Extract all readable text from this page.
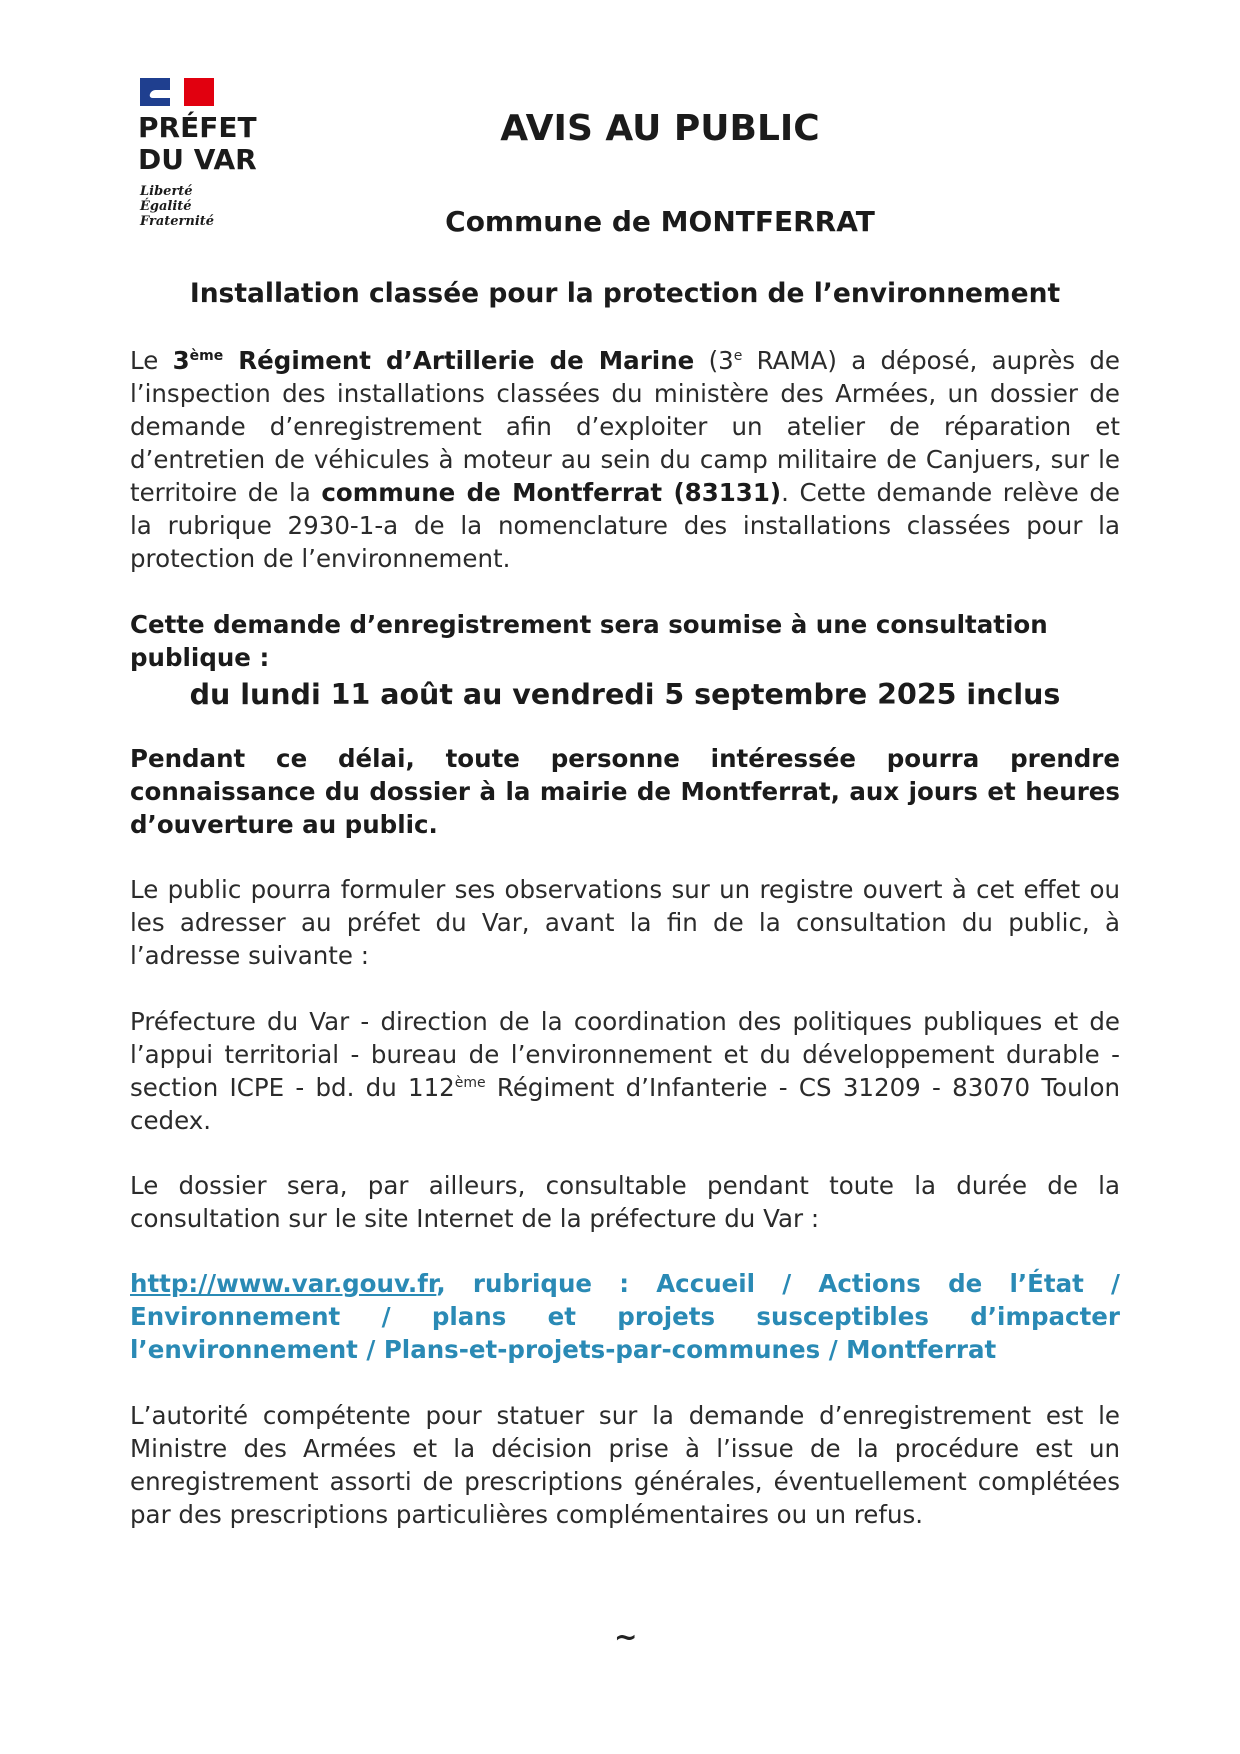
PRÉFET
DU VAR
Liberté
Égalité
Fraternité
AVIS AU PUBLIC
Commune de MONTFERRAT
Installation classée pour la protection de l’environnement

Le 3ème Régiment d’Artillerie de Marine (3e RAMA) a déposé, auprès de l’inspection des installations classées du ministère des Armées, un dossier de demande d’enregistrement afin d’exploiter un atelier de réparation et d’entretien de véhicules à moteur au sein du camp militaire de Canjuers, sur le territoire de la commune de Montferrat (83131). Cette demande relève de la rubrique 2930-1-a de la nomenclature des installations classées pour la protection de l’environnement.

Cette demande d’enregistrement sera soumise à une consultation publique :

du lundi 11 août au vendredi 5 septembre 2025 inclus

Pendant ce délai, toute personne intéressée pourra prendre connaissance du dossier à la mairie de Montferrat, aux jours et heures d’ouverture au public.

Le public pourra formuler ses observations sur un registre ouvert à cet effet ou les adresser au préfet du Var, avant la fin de la consultation du public, à l’adresse suivante :

Préfecture du Var - direction de la coordination des politiques publiques et de l’appui territorial - bureau de l’environnement et du développement durable - section ICPE - bd. du 112ème Régiment d’Infanterie - CS 31209 - 83070 Toulon cedex.

Le dossier sera, par ailleurs, consultable pendant toute la durée de la consultation sur le site Internet de la préfecture du Var :

http://www.var.gouv.fr, rubrique : Accueil / Actions de l’État / Environnement / plans et projets susceptibles d’impacter l’environnement / Plans-et-projets-par-communes / Montferrat

L’autorité compétente pour statuer sur la demande d’enregistrement est le Ministre des Armées et la décision prise à l’issue de la procédure est un enregistrement assorti de prescriptions générales, éventuellement complétées par des prescriptions particulières complémentaires ou un refus.

~
